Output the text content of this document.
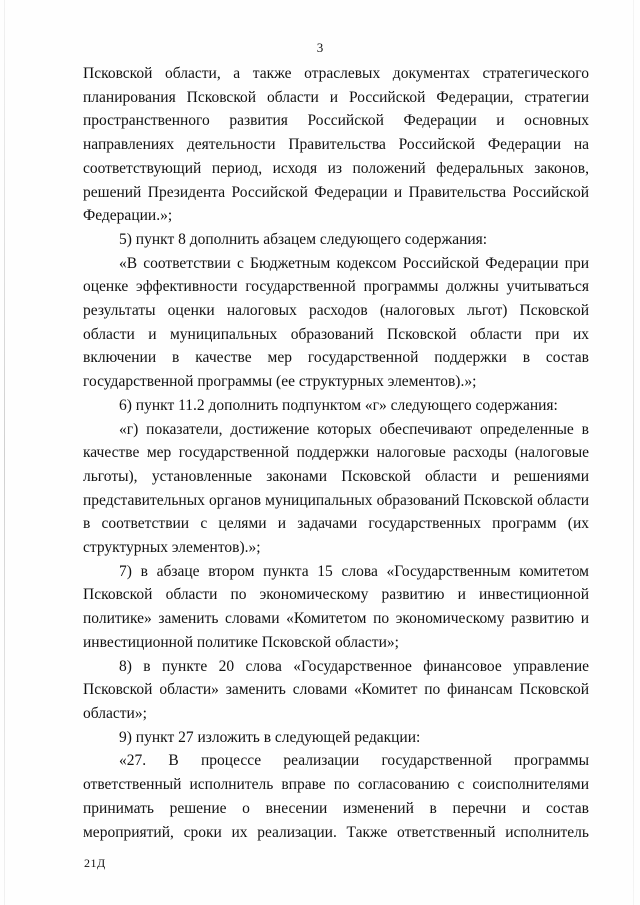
3

Псковской области, а также отраслевых документах стратегического планирования Псковской области и Российской Федерации, стратегии пространственного развития Российской Федерации и основных направлениях деятельности Правительства Российской Федерации на соответствующий период, исходя из положений федеральных законов, решений Президента Российской Федерации и Правительства Российской Федерации.»;

5) пункт 8 дополнить абзацем следующего содержания:

«В соответствии с Бюджетным кодексом Российской Федерации при оценке эффективности государственной программы должны учитываться результаты оценки налоговых расходов (налоговых льгот) Псковской области и муниципальных образований Псковской области при их включении в качестве мер государственной поддержки в состав государственной программы (ее структурных элементов).»;

6) пункт 11.2 дополнить подпунктом «г» следующего содержания:

«г) показатели, достижение которых обеспечивают определенные в качестве мер государственной поддержки налоговые расходы (налоговые льготы), установленные законами Псковской области и решениями представительных органов муниципальных образований Псковской области в соответствии с целями и задачами государственных программ (их структурных элементов).»;

7) в абзаце втором пункта 15 слова «Государственным комитетом Псковской области по экономическому развитию и инвестиционной политике» заменить словами «Комитетом по экономическому развитию и инвестиционной политике Псковской области»;

8) в пункте 20 слова «Государственное финансовое управление Псковской области» заменить словами «Комитет по финансам Псковской области»;

9) пункт 27 изложить в следующей редакции:

«27. В процессе реализации государственной программы ответственный исполнитель вправе по согласованию с соисполнителями принимать решение о внесении изменений в перечни и состав мероприятий, сроки их реализации. Также ответственный исполнитель

21Д
